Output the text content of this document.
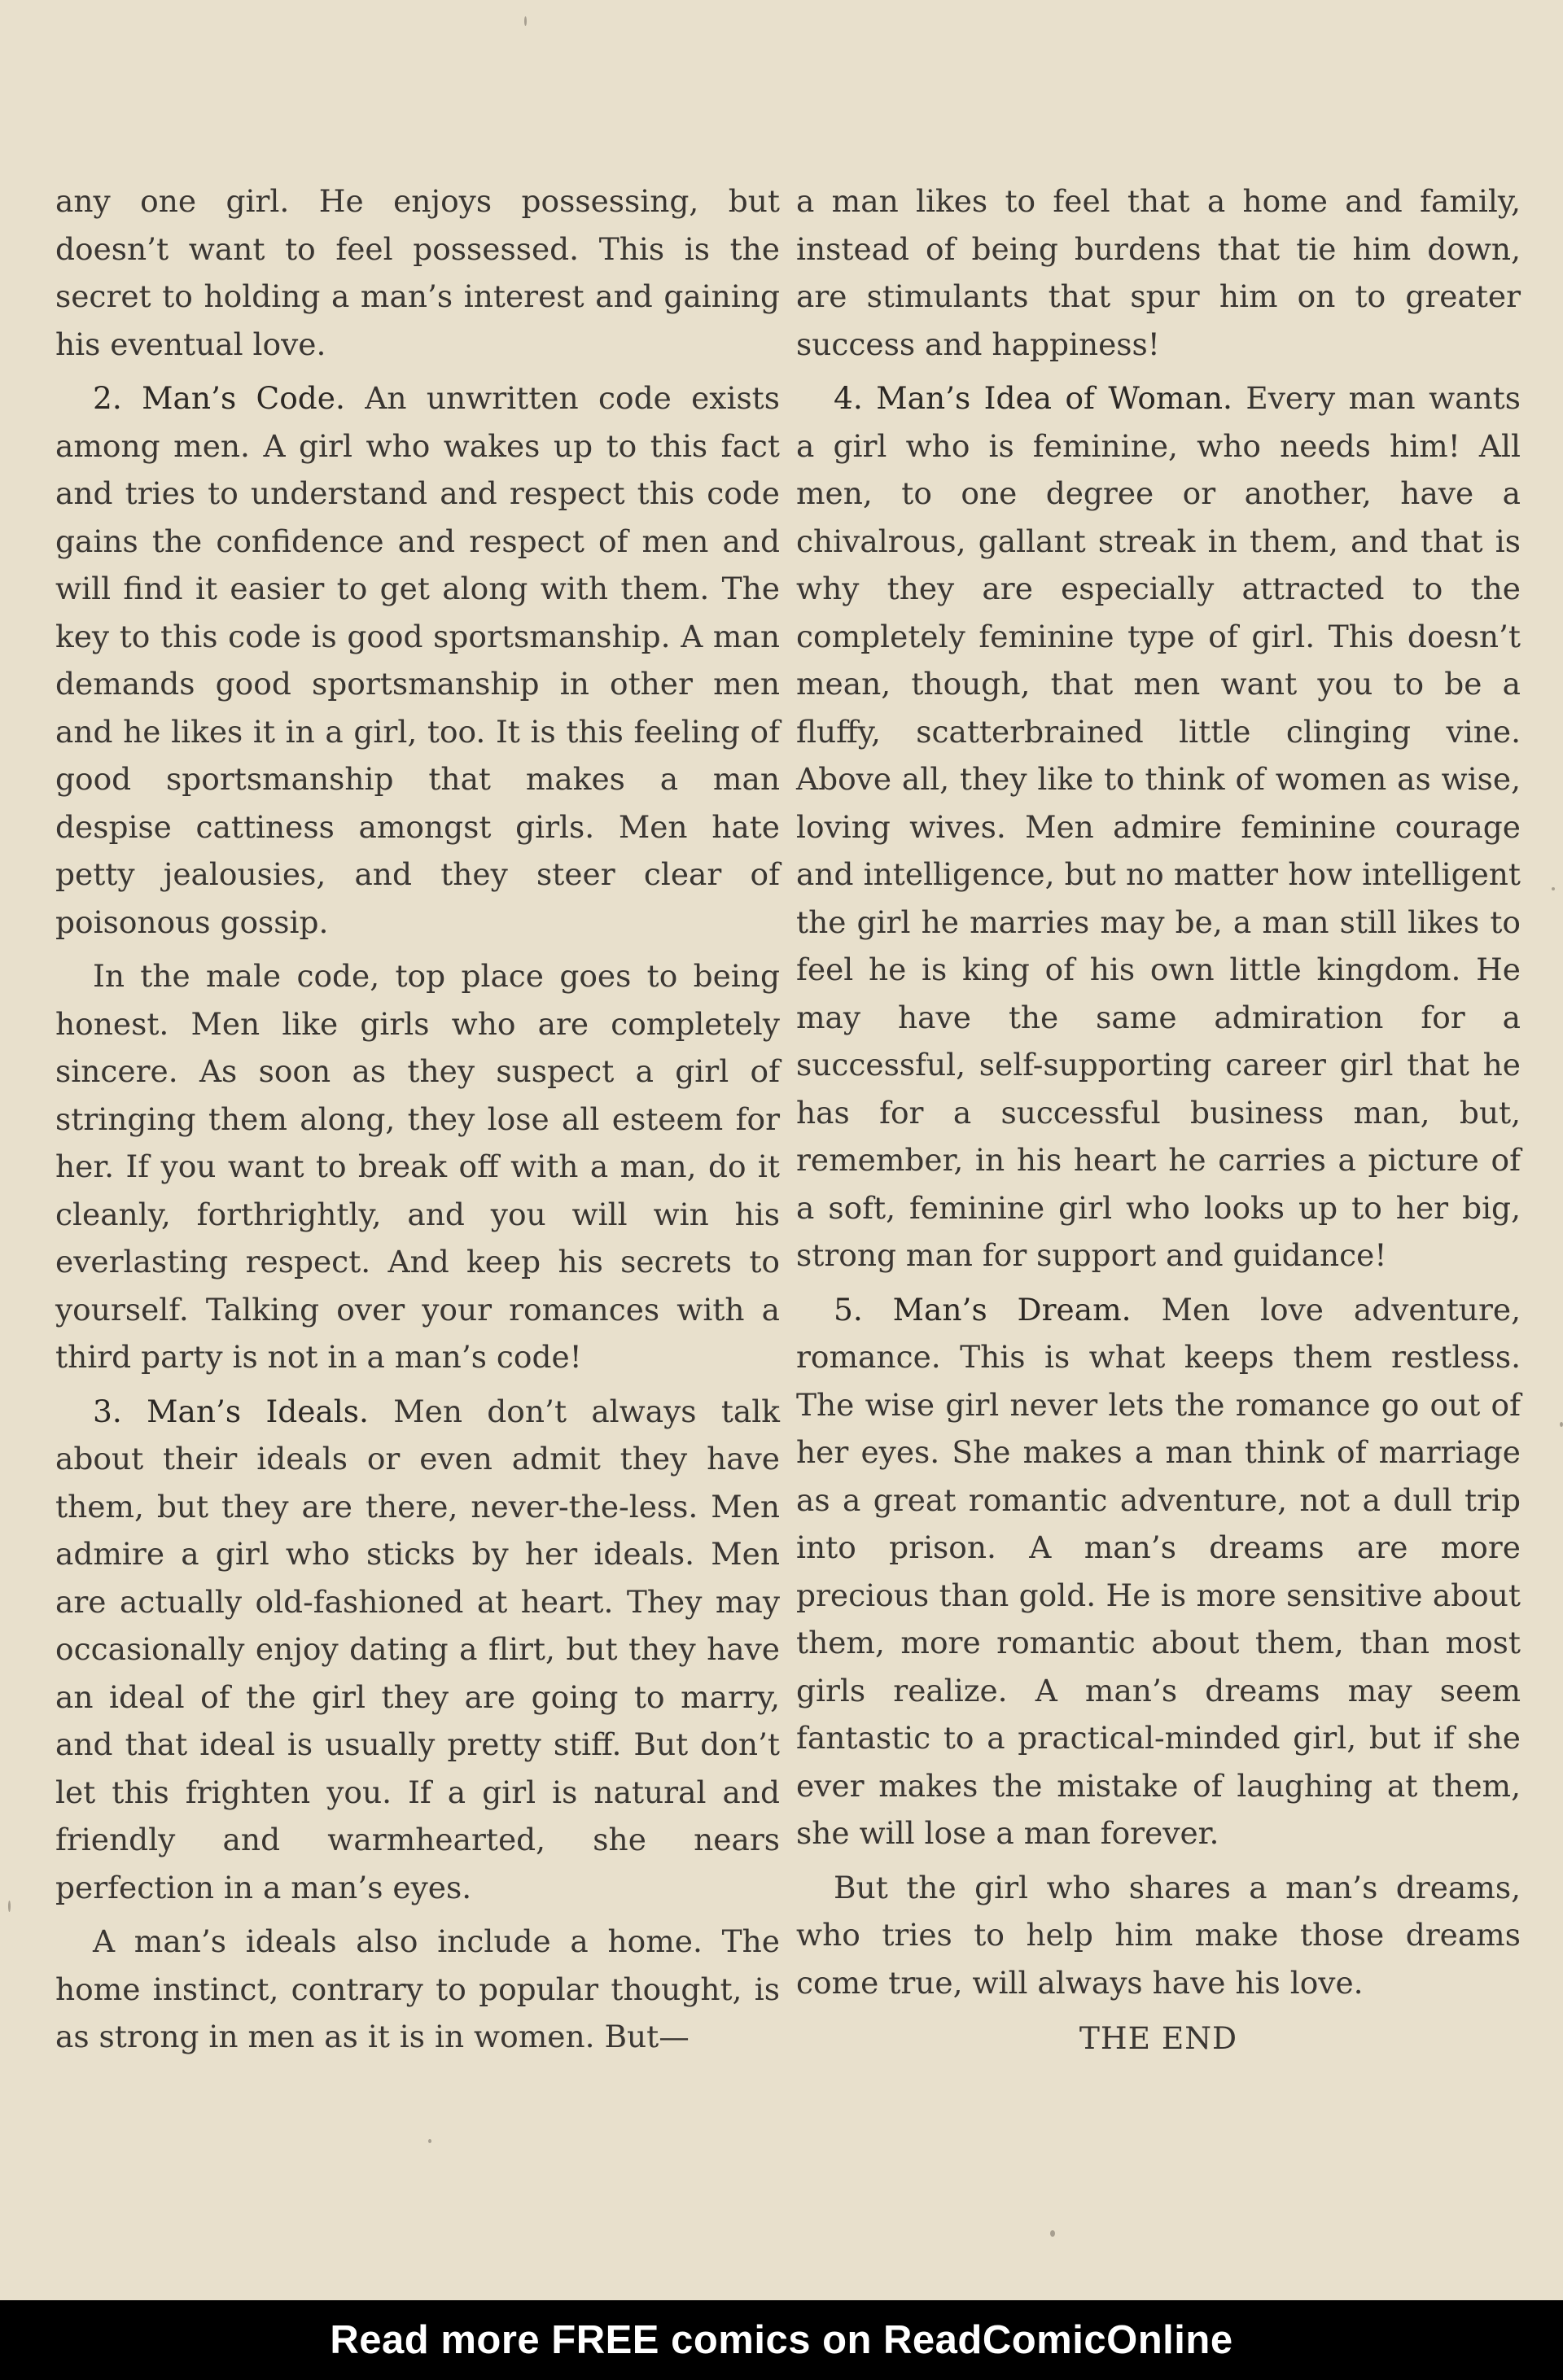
any one girl. He enjoys possessing, but doesn’t want to feel possessed. This is the secret to holding a man’s interest and gaining his eventual love.

2. Man’s Code. An unwritten code exists among men. A girl who wakes up to this fact and tries to understand and respect this code gains the confidence and respect of men and will find it easier to get along with them. The key to this code is good sportsmanship. A man demands good sportsmanship in other men and he likes it in a girl, too. It is this feeling of good sportsmanship that makes a man despise cattiness amongst girls. Men hate petty jealousies, and they steer clear of poisonous gossip.

In the male code, top place goes to being honest. Men like girls who are completely sincere. As soon as they suspect a girl of stringing them along, they lose all esteem for her. If you want to break off with a man, do it cleanly, forthrightly, and you will win his everlasting respect. And keep his secrets to yourself. Talking over your romances with a third party is not in a man’s code!

3. Man’s Ideals. Men don’t always talk about their ideals or even admit they have them, but they are there, never-the-less. Men admire a girl who sticks by her ideals. Men are actually old-fashioned at heart. They may occasionally enjoy dating a flirt, but they have an ideal of the girl they are going to marry, and that ideal is usually pretty stiff. But don’t let this frighten you. If a girl is natural and friendly and warmhearted, she nears perfection in a man’s eyes.

A man’s ideals also include a home. The home instinct, contrary to popular thought, is as strong in men as it is in women. But—

a man likes to feel that a home and family, instead of being burdens that tie him down, are stimulants that spur him on to greater success and happiness!

4. Man’s Idea of Woman. Every man wants a girl who is feminine, who needs him! All men, to one degree or another, have a chivalrous, gallant streak in them, and that is why they are especially attracted to the completely feminine type of girl. This doesn’t mean, though, that men want you to be a fluffy, scatterbrained little clinging vine. Above all, they like to think of women as wise, loving wives. Men admire feminine courage and intelligence, but no matter how intelligent the girl he marries may be, a man still likes to feel he is king of his own little kingdom. He may have the same admiration for a successful, self-supporting career girl that he has for a successful business man, but, remember, in his heart he carries a picture of a soft, feminine girl who looks up to her big, strong man for support and guidance!

5. Man’s Dream. Men love adventure, romance. This is what keeps them restless. The wise girl never lets the romance go out of her eyes. She makes a man think of marriage as a great romantic adventure, not a dull trip into prison. A man’s dreams are more precious than gold. He is more sensitive about them, more romantic about them, than most girls realize. A man’s dreams may seem fantastic to a practical-minded girl, but if she ever makes the mistake of laughing at them, she will lose a man forever.

But the girl who shares a man’s dreams, who tries to help him make those dreams come true, will always have his love.

THE END

Read more FREE comics on ReadComicOnline
